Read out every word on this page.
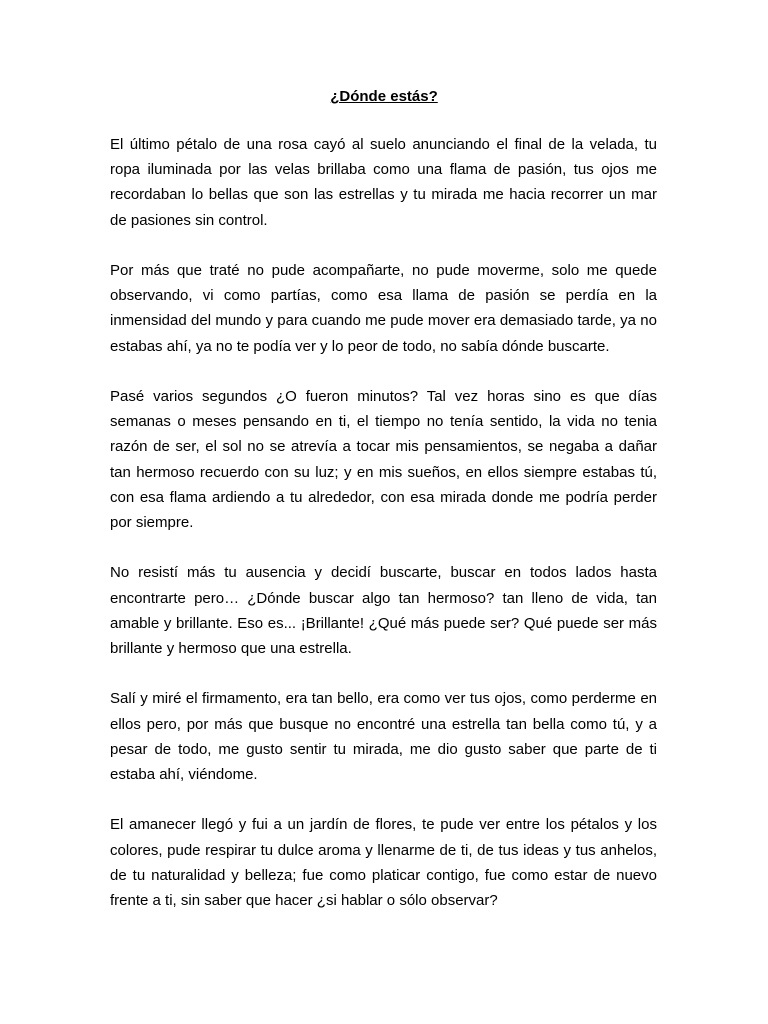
¿Dónde estás?

El último pétalo de una rosa cayó al suelo anunciando el final de la velada, tu ropa iluminada por las velas brillaba como una flama de pasión, tus ojos me recordaban lo bellas que son las estrellas y tu mirada me hacia recorrer un mar de pasiones sin control.

Por más que traté no pude acompañarte, no pude moverme, solo me quede observando, vi como partías, como esa llama de pasión se perdía en la inmensidad del mundo y para cuando me pude mover era demasiado tarde, ya no estabas ahí, ya no te podía ver y lo peor de todo, no sabía dónde buscarte.

Pasé varios segundos ¿O fueron minutos? Tal vez horas sino es que días semanas o meses pensando en ti, el tiempo no tenía sentido, la vida no tenia razón de ser, el sol no se atrevía a tocar mis pensamientos, se negaba a dañar tan hermoso recuerdo con su luz; y en mis sueños, en ellos siempre estabas tú, con esa flama ardiendo a tu alrededor, con esa mirada donde me podría perder por siempre.

No resistí más tu ausencia y decidí buscarte, buscar en todos lados hasta encontrarte pero… ¿Dónde buscar algo tan hermoso? tan lleno de vida, tan amable y brillante. Eso es... ¡Brillante! ¿Qué más puede ser? Qué puede ser más brillante y hermoso que una estrella.

Salí y miré el firmamento, era tan bello, era como ver tus ojos, como perderme en ellos pero, por más que busque no encontré una estrella tan bella como tú, y a pesar de todo, me gusto sentir tu mirada, me dio gusto saber que parte de ti estaba ahí, viéndome.

El amanecer llegó y fui a un jardín de flores, te pude ver entre los pétalos y los colores, pude respirar tu dulce aroma y llenarme de ti, de tus ideas y tus anhelos, de tu naturalidad y belleza; fue como platicar contigo, fue como estar de nuevo frente a ti, sin saber que hacer ¿si hablar o sólo observar?
